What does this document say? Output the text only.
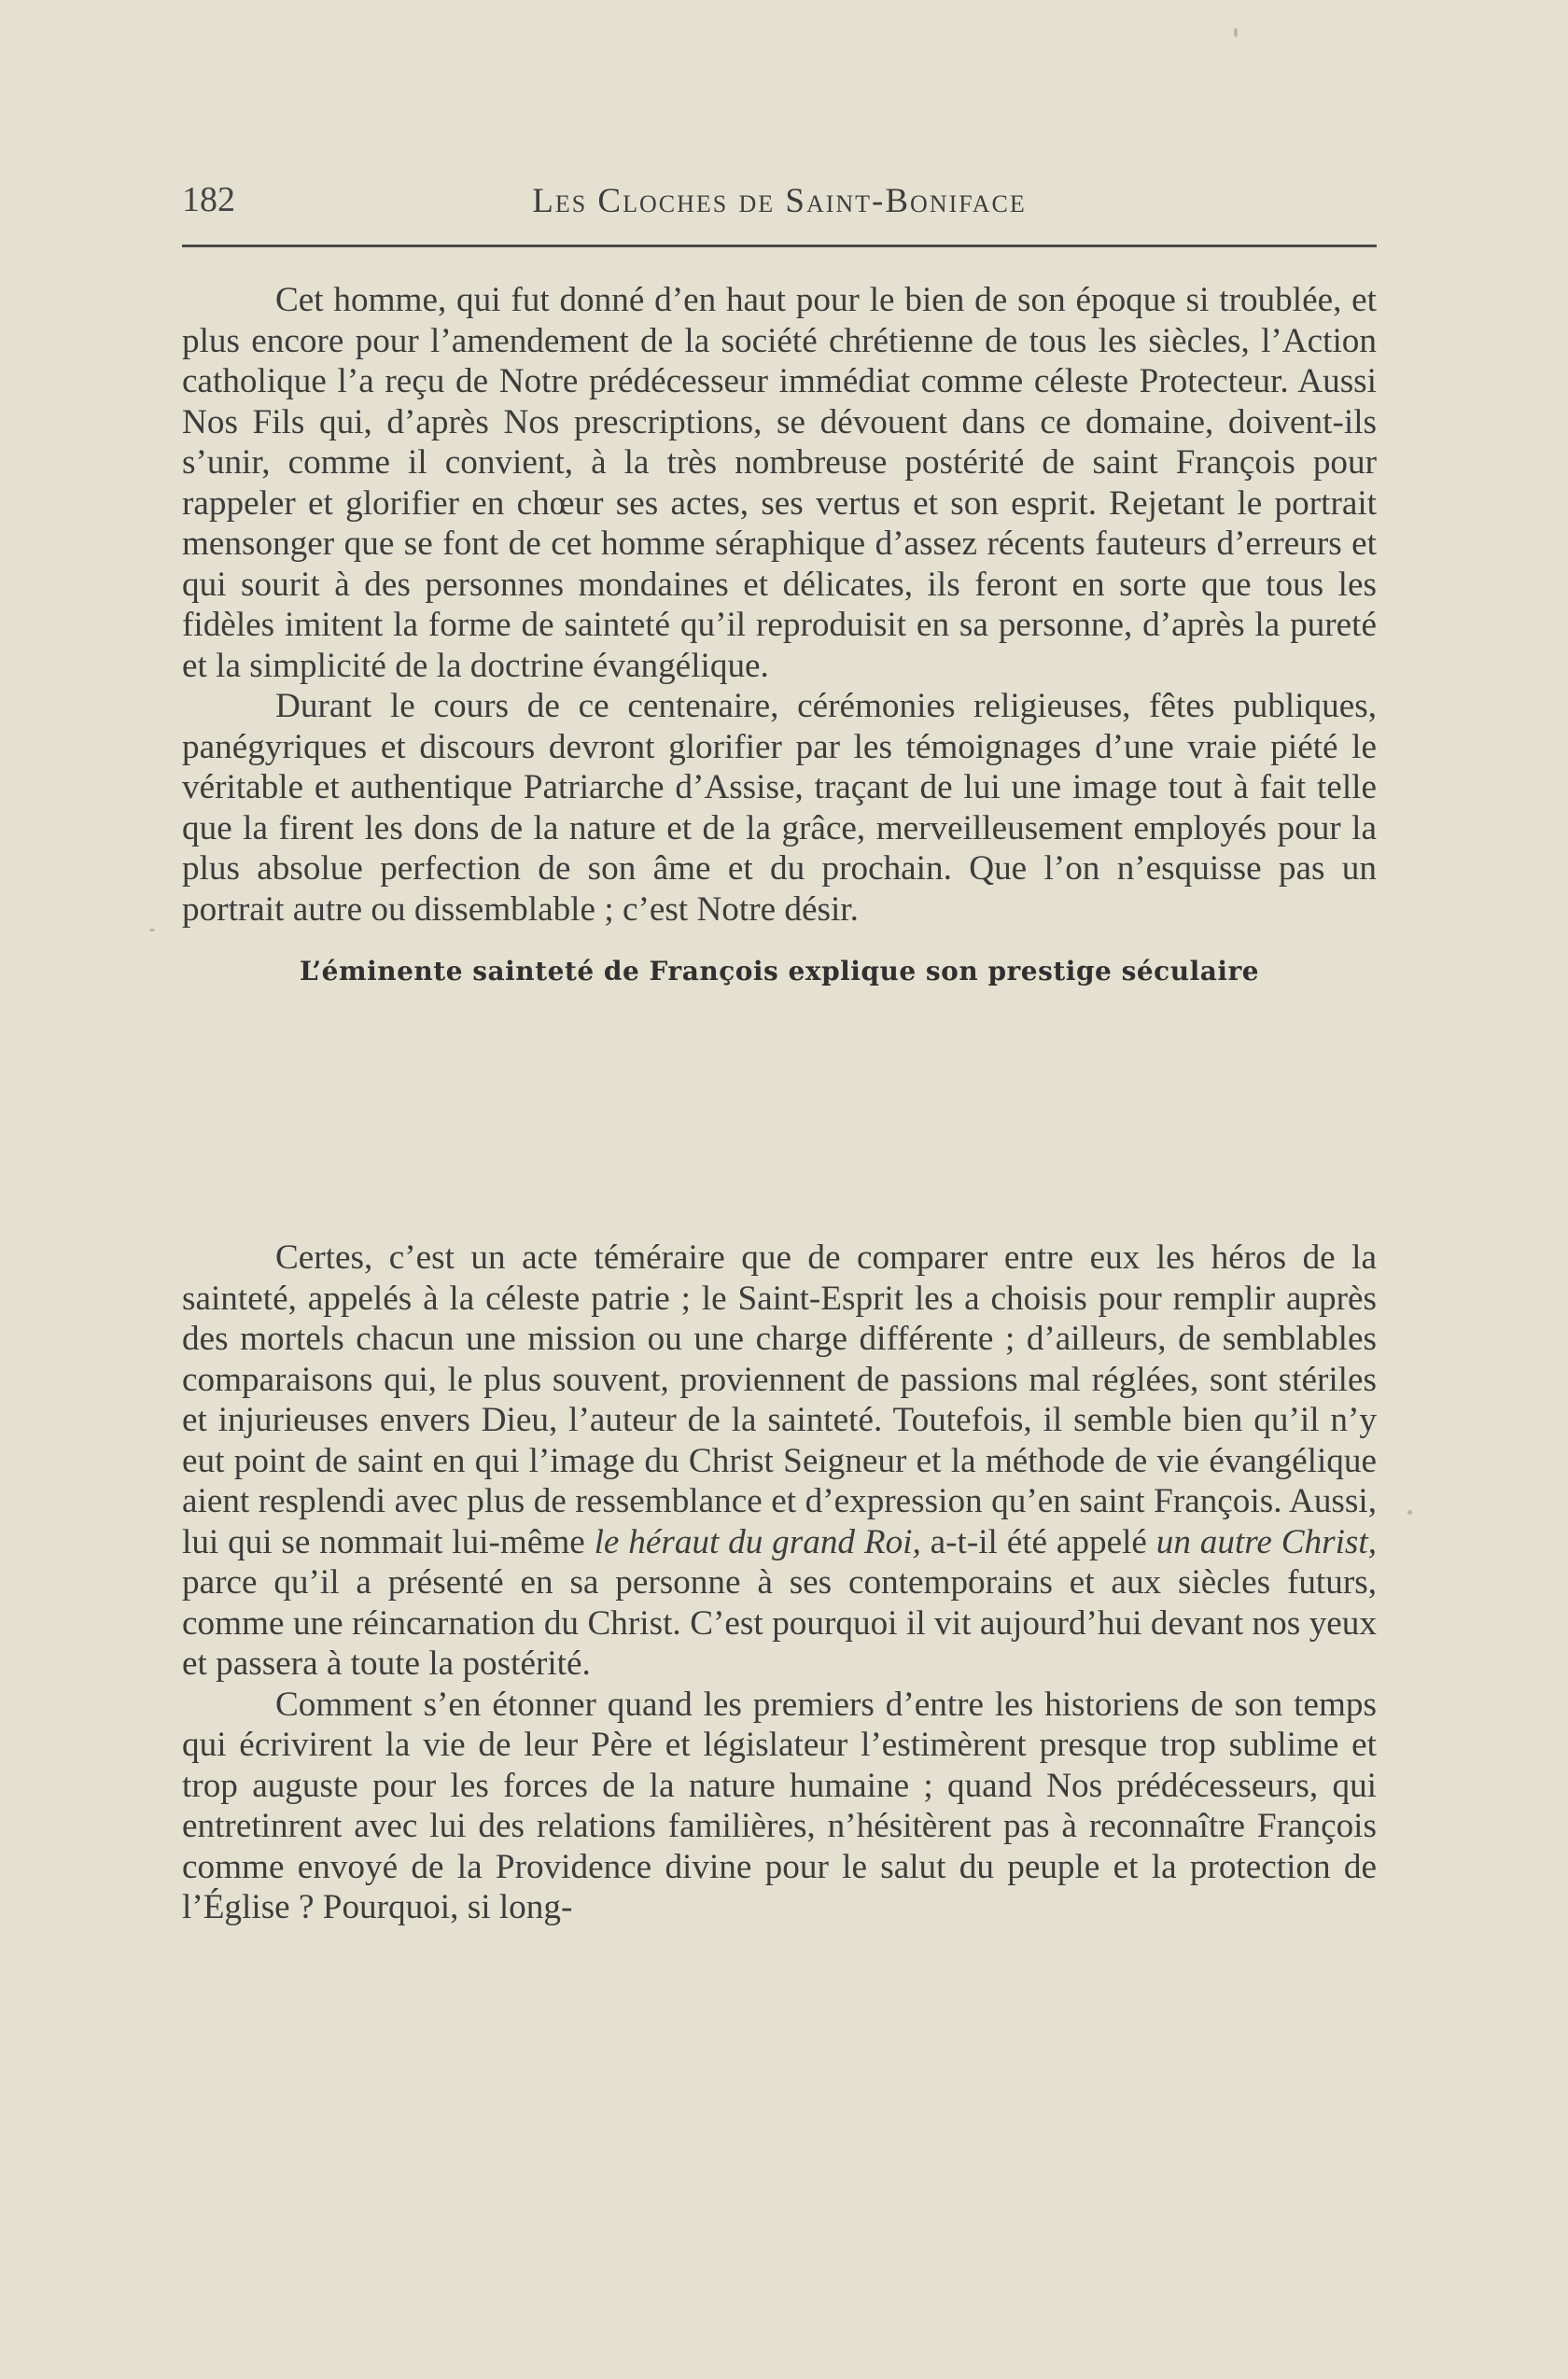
182	Les Cloches de Saint-Boniface

Cet homme, qui fut donné d’en haut pour le bien de son époque si troublée, et plus encore pour l’amendement de la société chrétienne de tous les siècles, l’Action catholique l’a reçu de Notre prédécesseur immédiat comme céleste Protecteur. Aussi Nos Fils qui, d’après Nos prescriptions, se dévouent dans ce domaine, doivent-ils s’unir, comme il convient, à la très nombreuse postérité de saint François pour rappeler et glorifier en chœur ses actes, ses vertus et son esprit. Rejetant le portrait mensonger que se font de cet homme séraphique d’assez récents fauteurs d’erreurs et qui sourit à des personnes mondaines et délicates, ils feront en sorte que tous les fidèles imitent la forme de sainteté qu’il reproduisit en sa personne, d’après la pureté et la simplicité de la doctrine évangélique.

Durant le cours de ce centenaire, cérémonies religieuses, fêtes publiques, panégyriques et discours devront glorifier par les témoignages d’une vraie piété le véritable et authentique Patriarche d’Assise, traçant de lui une image tout à fait telle que la firent les dons de la nature et de la grâce, merveilleusement employés pour la plus absolue perfection de son âme et du prochain. Que l’on n’esquisse pas un portrait autre ou dissemblable ; c’est Notre désir.

L’éminente sainteté de François explique son prestige séculaire

Certes, c’est un acte téméraire que de comparer entre eux les héros de la sainteté, appelés à la céleste patrie ; le Saint-Esprit les a choisis pour remplir auprès des mortels chacun une mission ou une charge différente ; d’ailleurs, de semblables comparaisons qui, le plus souvent, proviennent de passions mal réglées, sont stériles et injurieuses envers Dieu, l’auteur de la sainteté. Toutefois, il semble bien qu’il n’y eut point de saint en qui l’image du Christ Seigneur et la méthode de vie évangélique aient resplendi avec plus de ressemblance et d’expression qu’en saint François. Aussi, lui qui se nommait lui-même le héraut du grand Roi, a-t-il été appelé un autre Christ, parce qu’il a présenté en sa personne à ses contemporains et aux siècles futurs, comme une réincarnation du Christ. C’est pourquoi il vit aujourd’hui devant nos yeux et passera à toute la postérité.

Comment s’en étonner quand les premiers d’entre les historiens de son temps qui écrivirent la vie de leur Père et législateur l’estimèrent presque trop sublime et trop auguste pour les forces de la nature humaine ; quand Nos prédécesseurs, qui entretinrent avec lui des relations familières, n’hésitèrent pas à reconnaître François comme envoyé de la Providence divine pour le salut du peuple et la protection de l’Église ? Pourquoi, si long-
